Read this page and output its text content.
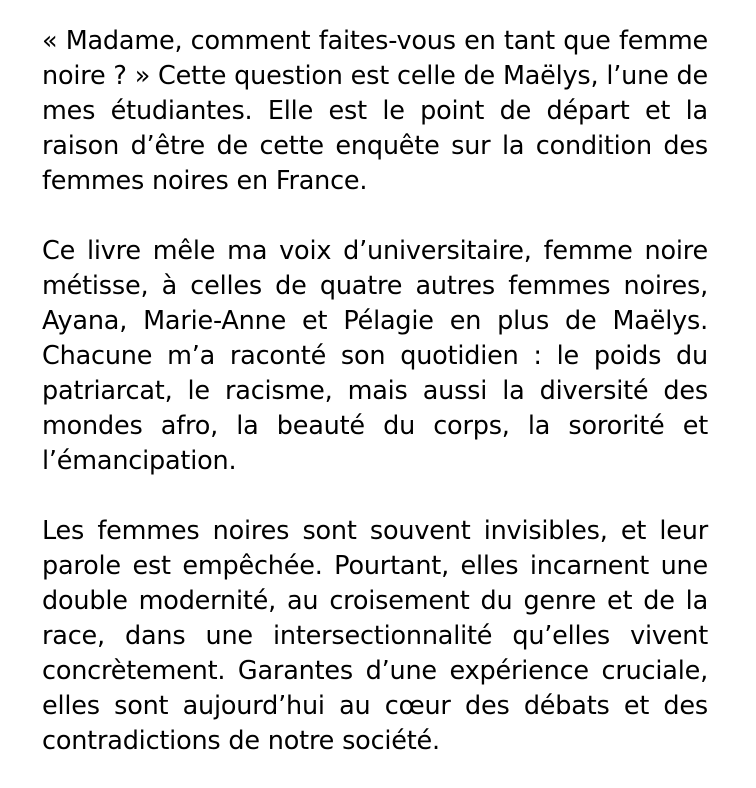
« Madame, comment faites-vous en tant que femme noire ? » Cette question est celle de Maëlys, l’une de mes étudiantes. Elle est le point de départ et la raison d’être de cette enquête sur la condition des femmes noires en France.

Ce livre mêle ma voix d’universitaire, femme noire métisse, à celles de quatre autres femmes noires, Ayana, Marie-Anne et Pélagie en plus de Maëlys. Chacune m’a raconté son quotidien : le poids du patriarcat, le racisme, mais aussi la diversité des mondes afro, la beauté du corps, la sororité et l’émancipation.

Les femmes noires sont souvent invisibles, et leur parole est empêchée. Pourtant, elles incarnent une double modernité, au croisement du genre et de la race, dans une intersectionnalité qu’elles vivent concrètement. Garantes d’une expérience cruciale, elles sont aujourd’hui au cœur des débats et des contradictions de notre société.
